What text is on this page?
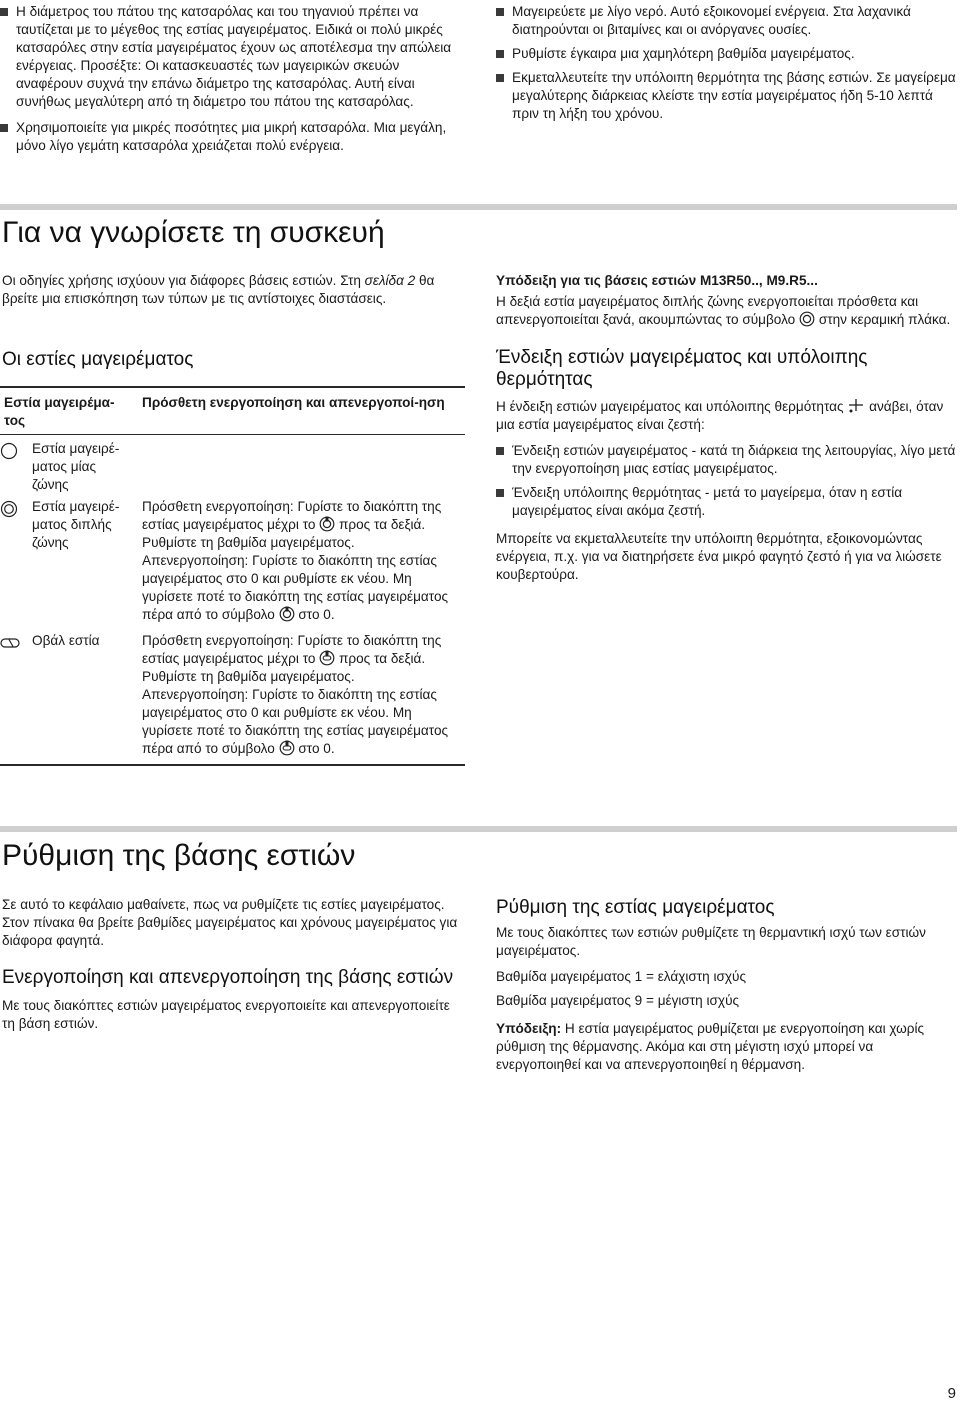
Η διάμετρος του πάτου της κατσαρόλας και του τηγανιού πρέπει να ταυτίζεται με το μέγεθος της εστίας μαγειρέματος. Ειδικά οι πολύ μικρές κατσαρόλες στην εστία μαγειρέματος έχουν ως αποτέλεσμα την απώλεια ενέργειας. Προσέξτε: Οι κατασκευαστές των μαγειρικών σκευών αναφέρουν συχνά την επάνω διάμετρο της κατσαρόλας. Αυτή είναι συνήθως μεγαλύτερη από τη διάμετρο του πάτου της κατσαρόλας.
Χρησιμοποιείτε για μικρές ποσότητες μια μικρή κατσαρόλα. Μια μεγάλη, μόνο λίγο γεμάτη κατσαρόλα χρειάζεται πολύ ενέργεια.
Μαγειρεύετε με λίγο νερό. Αυτό εξοικονομεί ενέργεια. Στα λαχανικά διατηρούνται οι βιταμίνες και οι ανόργανες ουσίες.
Ρυθμίστε έγκαιρα μια χαμηλότερη βαθμίδα μαγειρέματος.
Εκμεταλλευτείτε την υπόλοιπη θερμότητα της βάσης εστιών. Σε μαγείρεμα μεγαλύτερης διάρκειας κλείστε την εστία μαγειρέματος ήδη 5-10 λεπτά πριν τη λήξη του χρόνου.
Για να γνωρίσετε τη συσκευή

Οι οδηγίες χρήσης ισχύουν για διάφορες βάσεις εστιών. Στη σελίδα 2 θα βρείτε μια επισκόπηση των τύπων με τις αντίστοιχες διαστάσεις.

Οι εστίες μαγειρέματος
Εστία μαγειρέμα-τος
Πρόσθετη ενεργοποίηση και απενεργοποί-ηση
Εστία μαγειρέ-ματος μίας ζώνης
Εστία μαγειρέ-ματος διπλής ζώνης

Πρόσθετη ενεργοποίηση: Γυρίστε το διακόπτη της εστίας μαγειρέματος μέχρι το προς τα δεξιά. Ρυθμίστε τη βαθμίδα μαγειρέματος.

Απενεργοποίηση: Γυρίστε το διακόπτη της εστίας μαγειρέματος στο 0 και ρυθμίστε εκ νέου. Μη γυρίσετε ποτέ το διακόπτη της εστίας μαγειρέματος πέρα από το σύμβολο στο 0.

Οβάλ εστία	Πρόσθετη ενεργοποίηση: Γυρίστε το διακόπτη της εστίας μαγειρέματος μέχρι το προς τα δεξιά. Ρυθμίστε τη βαθμίδα μαγειρέματος.

Απενεργοποίηση: Γυρίστε το διακόπτη της εστίας μαγειρέματος στο 0 και ρυθμίστε εκ νέου. Μη γυρίσετε ποτέ το διακόπτη της εστίας μαγειρέματος πέρα από το σύμβολο στο 0.

Υπόδειξη για τις βάσεις εστιών M13R50.., M9.R5...

Η δεξιά εστία μαγειρέματος διπλής ζώνης ενεργοποιείται πρόσθετα και απενεργοποιείται ξανά, ακουμπώντας το σύμβολο στην κεραμική πλάκα.

Ένδειξη εστιών μαγειρέματος και υπόλοιπης θερμότητας

Η ένδειξη εστιών μαγειρέματος και υπόλοιπης θερμότητας ανάβει, όταν μια εστία μαγειρέματος είναι ζεστή:

Ένδειξη εστιών μαγειρέματος - κατά τη διάρκεια της λειτουργίας, λίγο μετά την ενεργοποίηση μιας εστίας μαγειρέματος.
Ένδειξη υπόλοιπης θερμότητας - μετά το μαγείρεμα, όταν η εστία μαγειρέματος είναι ακόμα ζεστή.

Μπορείτε να εκμεταλλευτείτε την υπόλοιπη θερμότητα, εξοικονομώντας ενέργεια, π.χ. για να διατηρήσετε ένα μικρό φαγητό ζεστό ή για να λιώσετε κουβερτούρα.

Ρύθμιση της βάσης εστιών

Σε αυτό το κεφάλαιο μαθαίνετε, πως να ρυθμίζετε τις εστίες μαγειρέματος. Στον πίνακα θα βρείτε βαθμίδες μαγειρέματος και χρόνους μαγειρέματος για διάφορα φαγητά.

Ενεργοποίηση και απενεργοποίηση της βάσης εστιών

Με τους διακόπτες εστιών μαγειρέματος ενεργοποιείτε και απενεργοποιείτε τη βάση εστιών.

Ρύθμιση της εστίας μαγειρέματος

Με τους διακόπτες των εστιών ρυθμίζετε τη θερμαντική ισχύ των εστιών μαγειρέματος.

Βαθμίδα μαγειρέματος 1 = ελάχιστη ισχύς

Βαθμίδα μαγειρέματος 9 = μέγιστη ισχύς

Υπόδειξη: Η εστία μαγειρέματος ρυθμίζεται με ενεργοποίηση και χωρίς ρύθμιση της θέρμανσης. Ακόμα και στη μέγιστη ισχύ μπορεί να ενεργοποιηθεί και να απενεργοποιηθεί η θέρμανση.

9
